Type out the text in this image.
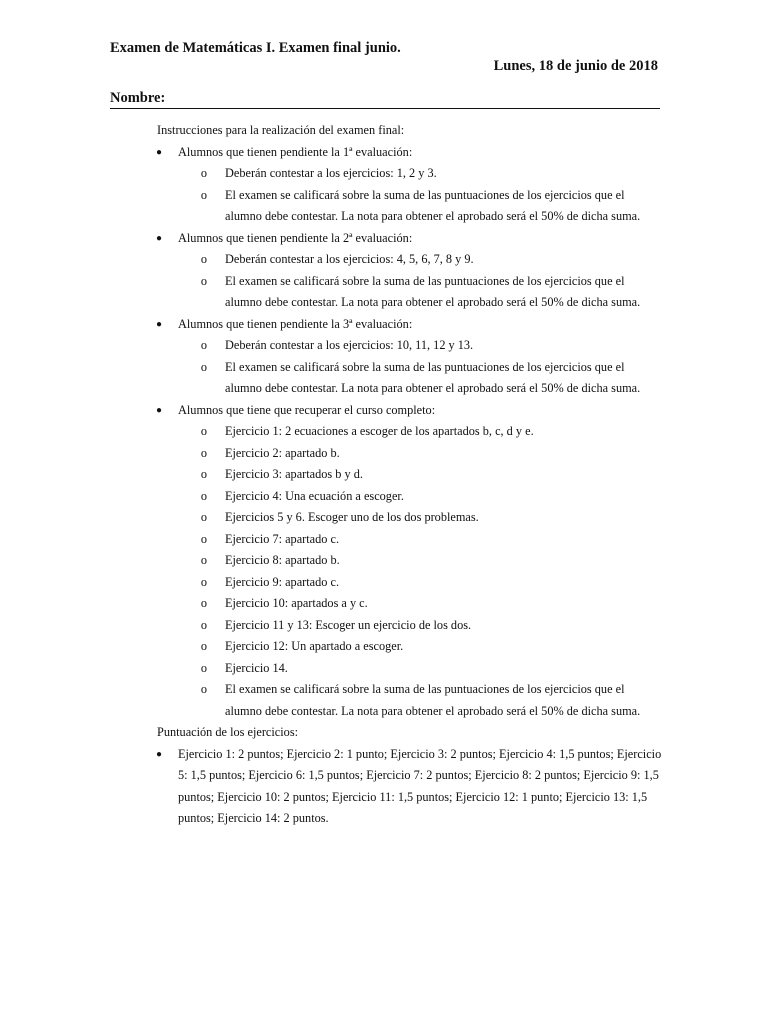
Examen de Matemáticas I. Examen final junio.
Lunes, 18 de junio de 2018
Nombre:

Instrucciones para la realización del examen final:

● Alumnos que tienen pendiente la 1ª evaluación:
o Deberán contestar a los ejercicios: 1, 2 y 3.
o El examen se calificará sobre la suma de las puntuaciones de los ejercicios que el alumno debe contestar. La nota para obtener el aprobado será el 50% de dicha suma.
● Alumnos que tienen pendiente la 2ª evaluación:
o Deberán contestar a los ejercicios: 4, 5, 6, 7, 8 y 9.
o El examen se calificará sobre la suma de las puntuaciones de los ejercicios que el alumno debe contestar. La nota para obtener el aprobado será el 50% de dicha suma.
● Alumnos que tienen pendiente la 3ª evaluación:
o Deberán contestar a los ejercicios: 10, 11, 12 y 13.
o El examen se calificará sobre la suma de las puntuaciones de los ejercicios que el alumno debe contestar. La nota para obtener el aprobado será el 50% de dicha suma.
● Alumnos que tiene que recuperar el curso completo:
o Ejercicio 1: 2 ecuaciones a escoger de los apartados b, c, d y e.
o Ejercicio 2: apartado b.
o Ejercicio 3: apartados b y d.
o Ejercicio 4: Una ecuación a escoger.
o Ejercicios 5 y 6. Escoger uno de los dos problemas.
o Ejercicio 7: apartado c.
o Ejercicio 8: apartado b.
o Ejercicio 9: apartado c.
o Ejercicio 10: apartados a y c.
o Ejercicio 11 y 13: Escoger un ejercicio de los dos.
o Ejercicio 12: Un apartado a escoger.
o Ejercicio 14.
o El examen se calificará sobre la suma de las puntuaciones de los ejercicios que el alumno debe contestar. La nota para obtener el aprobado será el 50% de dicha suma.

Puntuación de los ejercicios:

● Ejercicio 1: 2 puntos; Ejercicio 2: 1 punto; Ejercicio 3: 2 puntos; Ejercicio 4: 1,5 puntos; Ejercicio 5: 1,5 puntos; Ejercicio 6: 1,5 puntos; Ejercicio 7: 2 puntos; Ejercicio 8: 2 puntos; Ejercicio 9: 1,5 puntos; Ejercicio 10: 2 puntos; Ejercicio 11: 1,5 puntos; Ejercicio 12: 1 punto; Ejercicio 13: 1,5 puntos; Ejercicio 14: 2 puntos.
